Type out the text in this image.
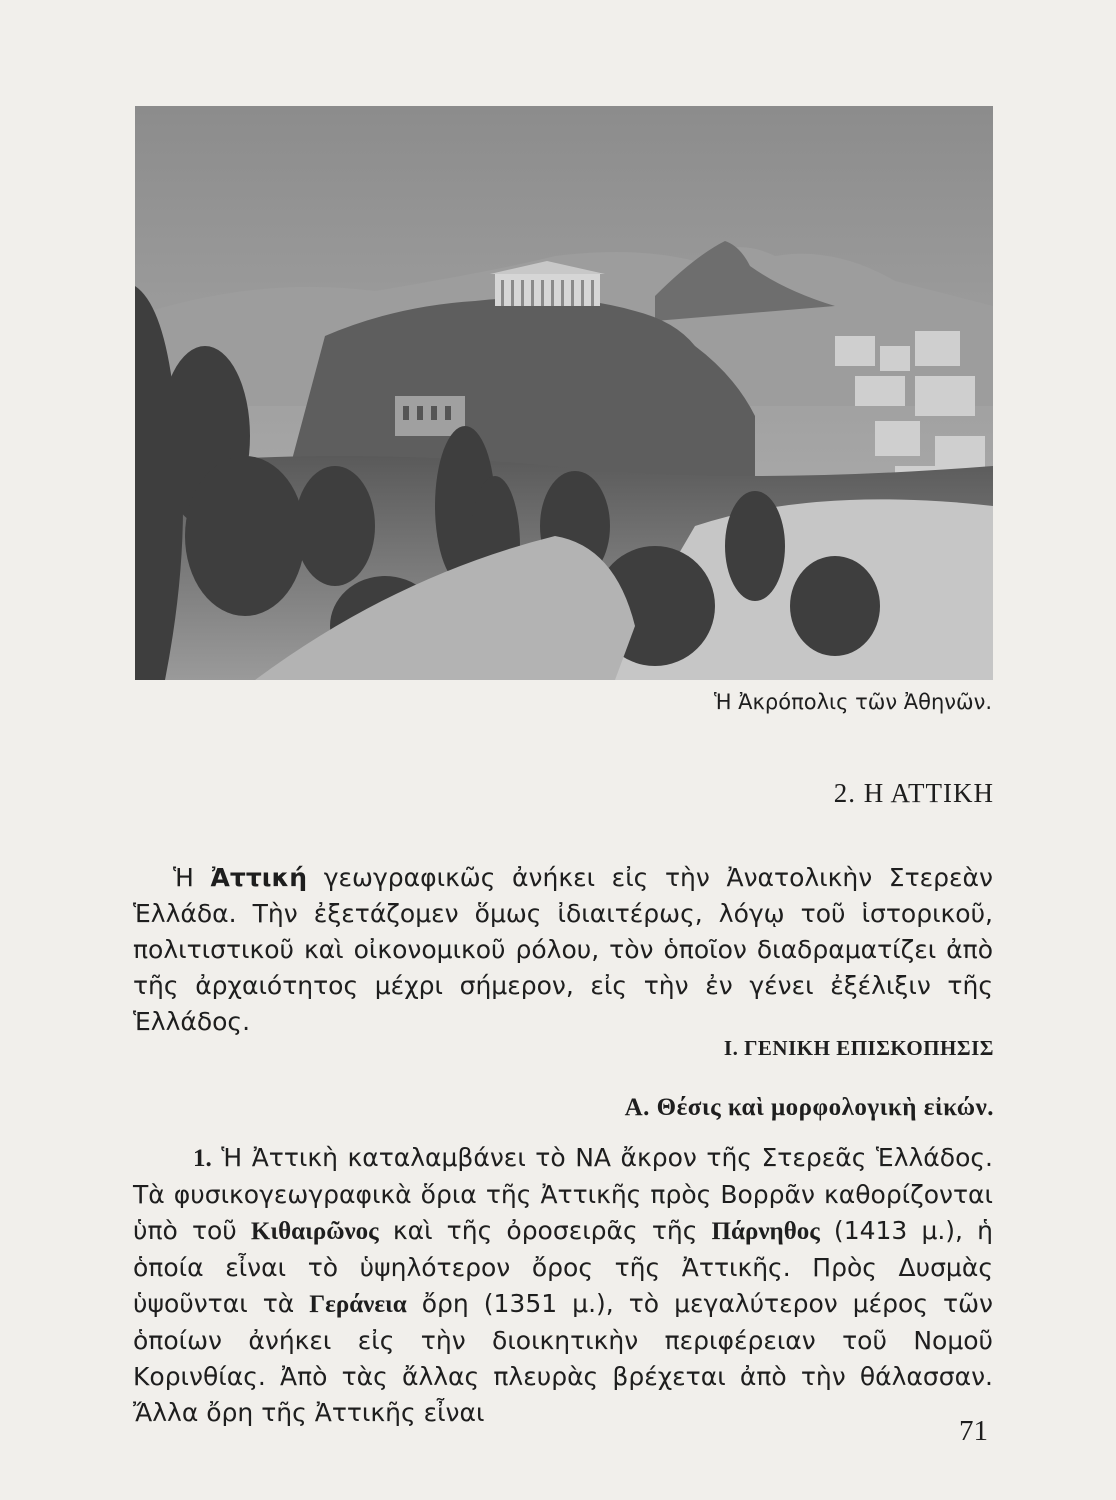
Ἡ Ἀκρόπολις τῶν Ἀθηνῶν.
2. Η ΑΤΤΙΚΗ
Ἡ Ἀττική γεωγραφικῶς ἀνήκει εἰς τὴν Ἀνατολικὴν Στερεὰν Ἑλλάδα. Τὴν ἐξετάζομεν ὅμως ἰδιαιτέρως, λόγῳ τοῦ ἱστορικοῦ, πολιτιστικοῦ καὶ οἰκονομικοῦ ρόλου, τὸν ὁποῖον διαδραματίζει ἀπὸ τῆς ἀρχαιότητος μέχρι σήμερον, εἰς τὴν ἐν γένει ἐξέλιξιν τῆς Ἑλλάδος.
Ι. ΓΕΝΙΚΗ ΕΠΙΣΚΟΠΗΣΙΣ
Α. Θέσις καὶ μορφολογικὴ εἰκών.
1. Ἡ Ἀττικὴ καταλαμβάνει τὸ ΝΑ ἄκρον τῆς Στερεᾶς Ἑλλάδος. Τὰ φυσικογεωγραφικὰ ὅρια τῆς Ἀττικῆς πρὸς Βορρᾶν καθορίζονται ὑπὸ τοῦ Κιθαιρῶνος καὶ τῆς ὀροσειρᾶς τῆς Πάρνηθος (1413 μ.), ἡ ὁποία εἶναι τὸ ὑψηλότερον ὄρος τῆς Ἀττικῆς. Πρὸς Δυσμὰς ὑψοῦνται τὰ Γεράνεια ὄρη (1351 μ.), τὸ μεγαλύτερον μέρος τῶν ὁποίων ἀνήκει εἰς τὴν διοικητικὴν περιφέρειαν τοῦ Νομοῦ Κορινθίας. Ἀπὸ τὰς ἄλλας πλευρὰς βρέχεται ἀπὸ τὴν θάλασσαν. Ἄλλα ὄρη τῆς Ἀττικῆς εἶναι
71
